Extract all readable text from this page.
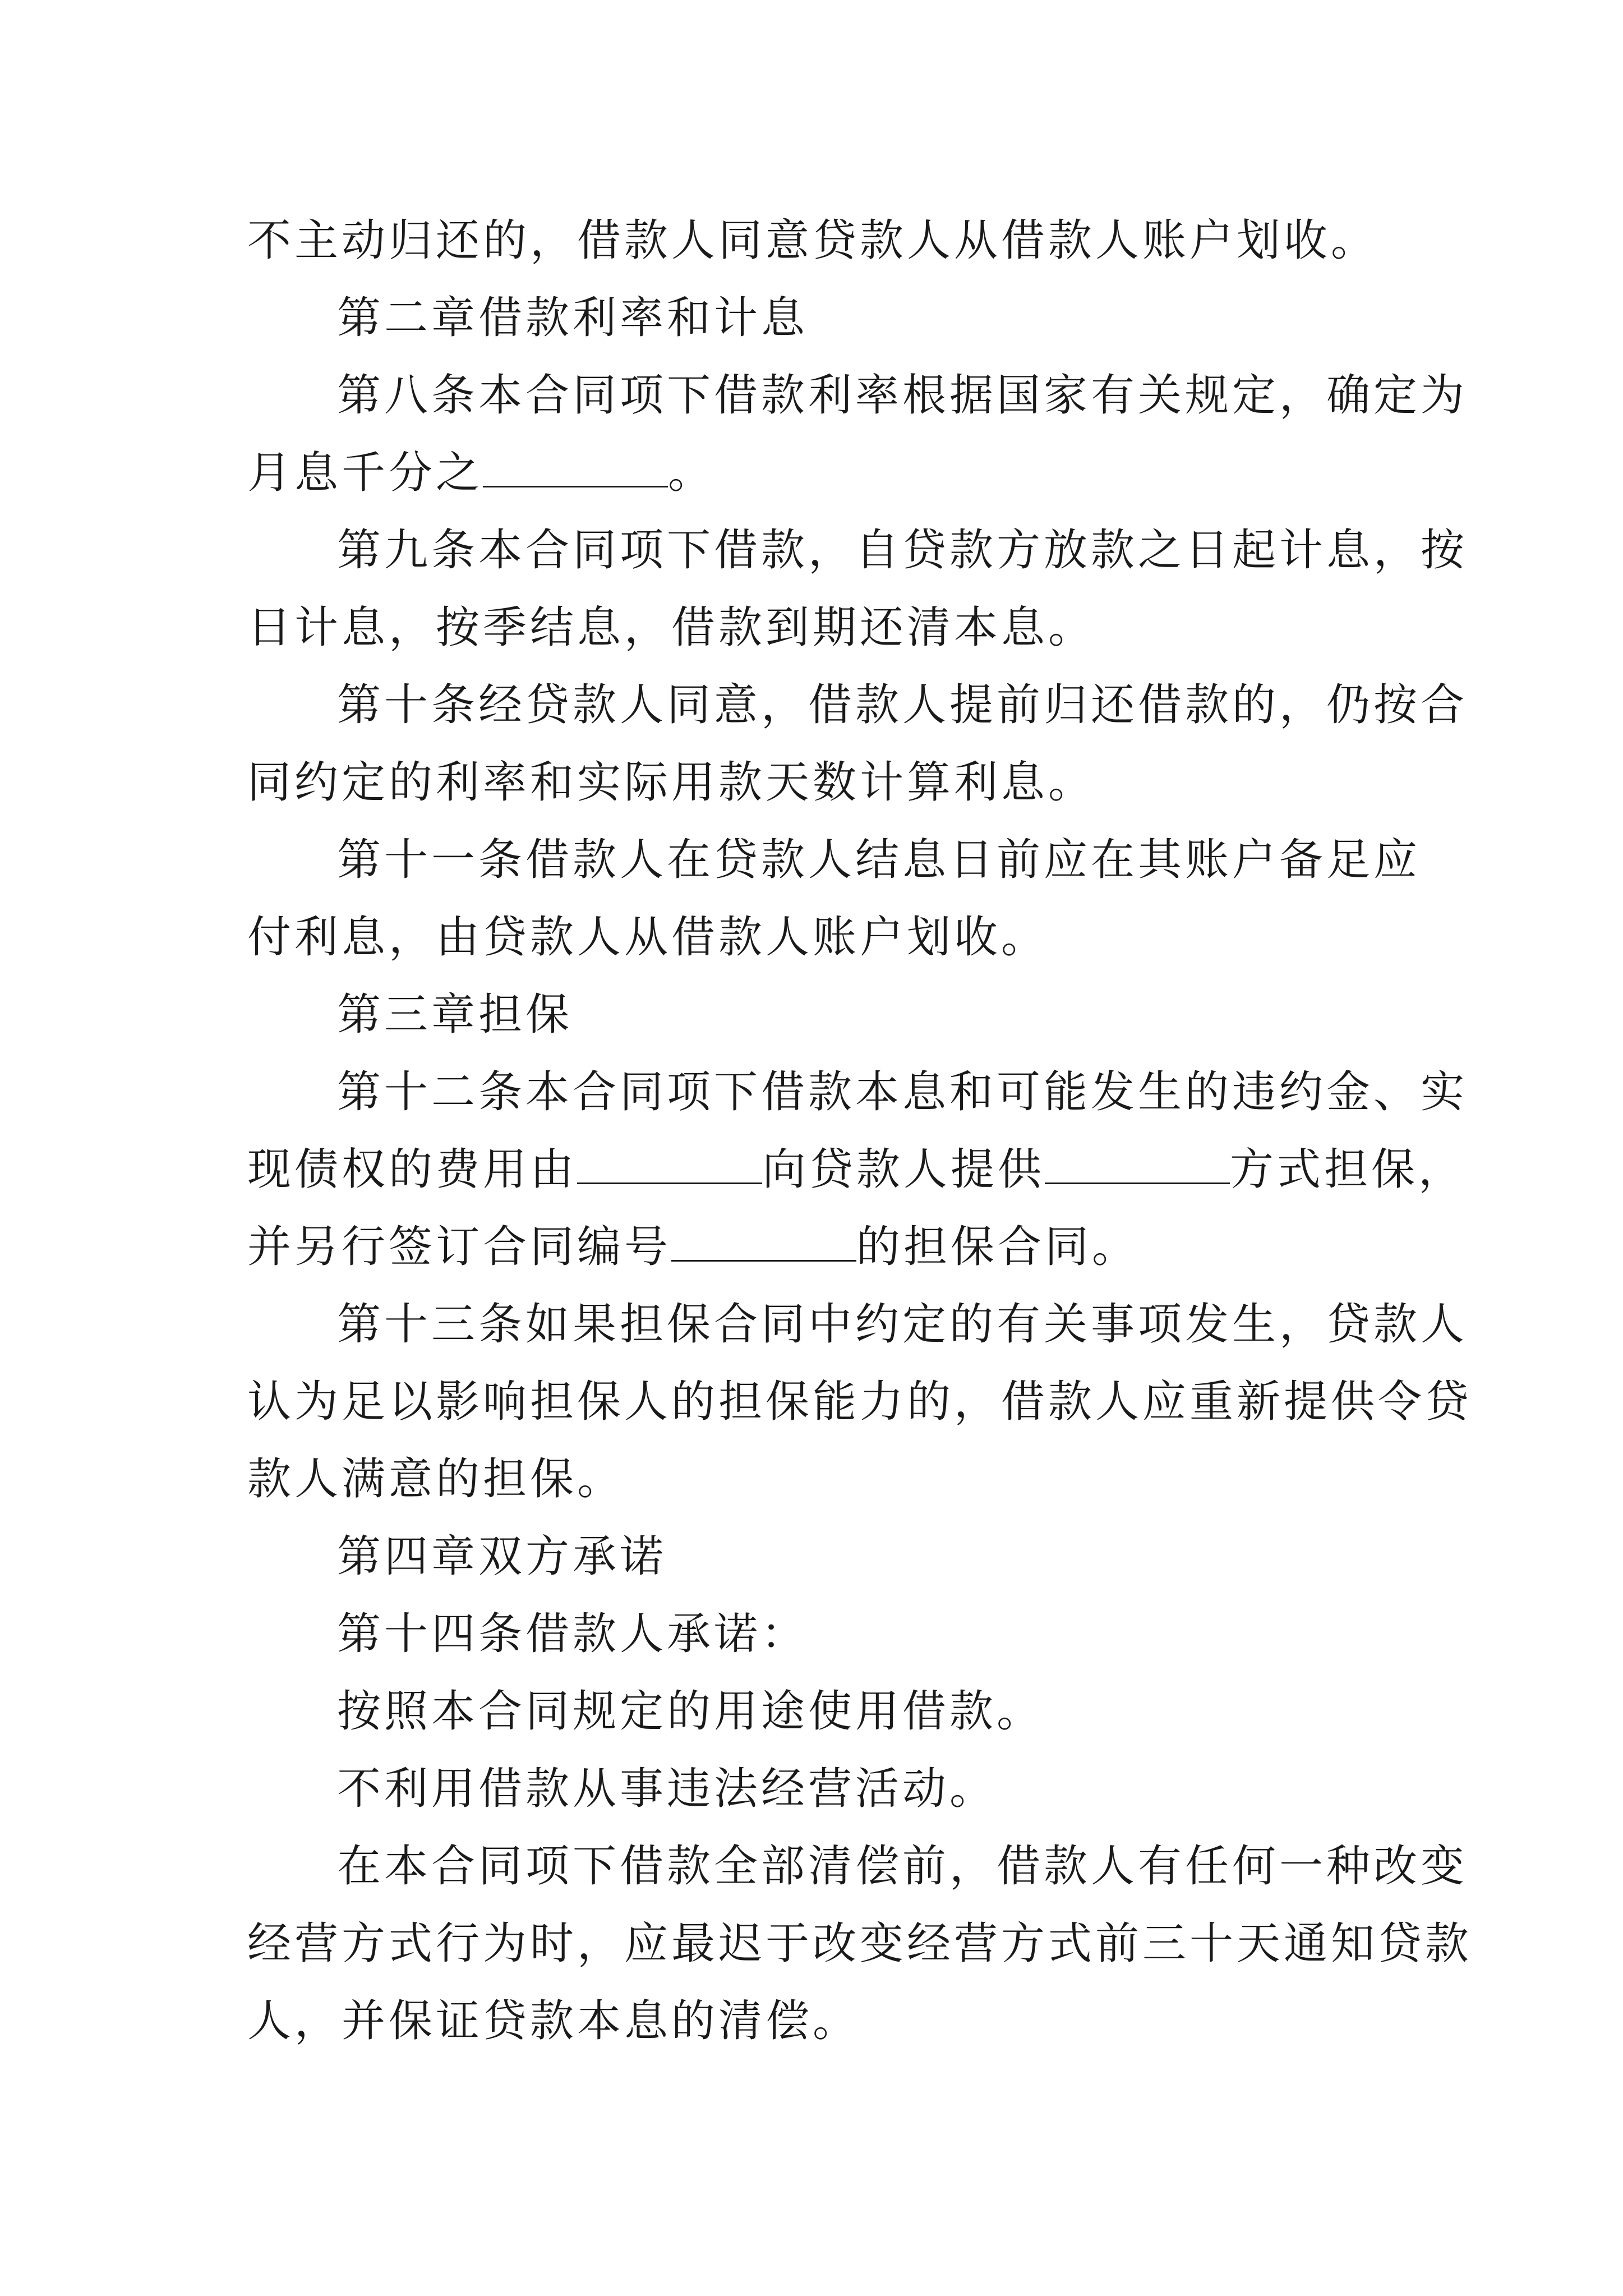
不主动归还的，借款人同意贷款人从借款人账户划收。
第二章借款利率和计息
第八条本合同项下借款利率根据国家有关规定，确定为
月息千分之	。
第九条本合同项下借款，自贷款方放款之日起计息，按
日计息，按季结息，借款到期还清本息。
第十条经贷款人同意，借款人提前归还借款的，仍按合
同约定的利率和实际用款天数计算利息。
第十一条借款人在贷款人结息日前应在其账户备足应
付利息，由贷款人从借款人账户划收。
第三章担保
第十二条本合同项下借款本息和可能发生的违约金、实
现债权的费用由	向贷款人提供	方式担保，
并另行签订合同编号	的担保合同。
第十三条如果担保合同中约定的有关事项发生，贷款人
认为足以影响担保人的担保能力的，借款人应重新提供令贷
款人满意的担保。
第四章双方承诺
第十四条借款人承诺：
按照本合同规定的用途使用借款。
不利用借款从事违法经营活动。
在本合同项下借款全部清偿前，借款人有任何一种改变
经营方式行为时，应最迟于改变经营方式前三十天通知贷款
人，并保证贷款本息的清偿。
